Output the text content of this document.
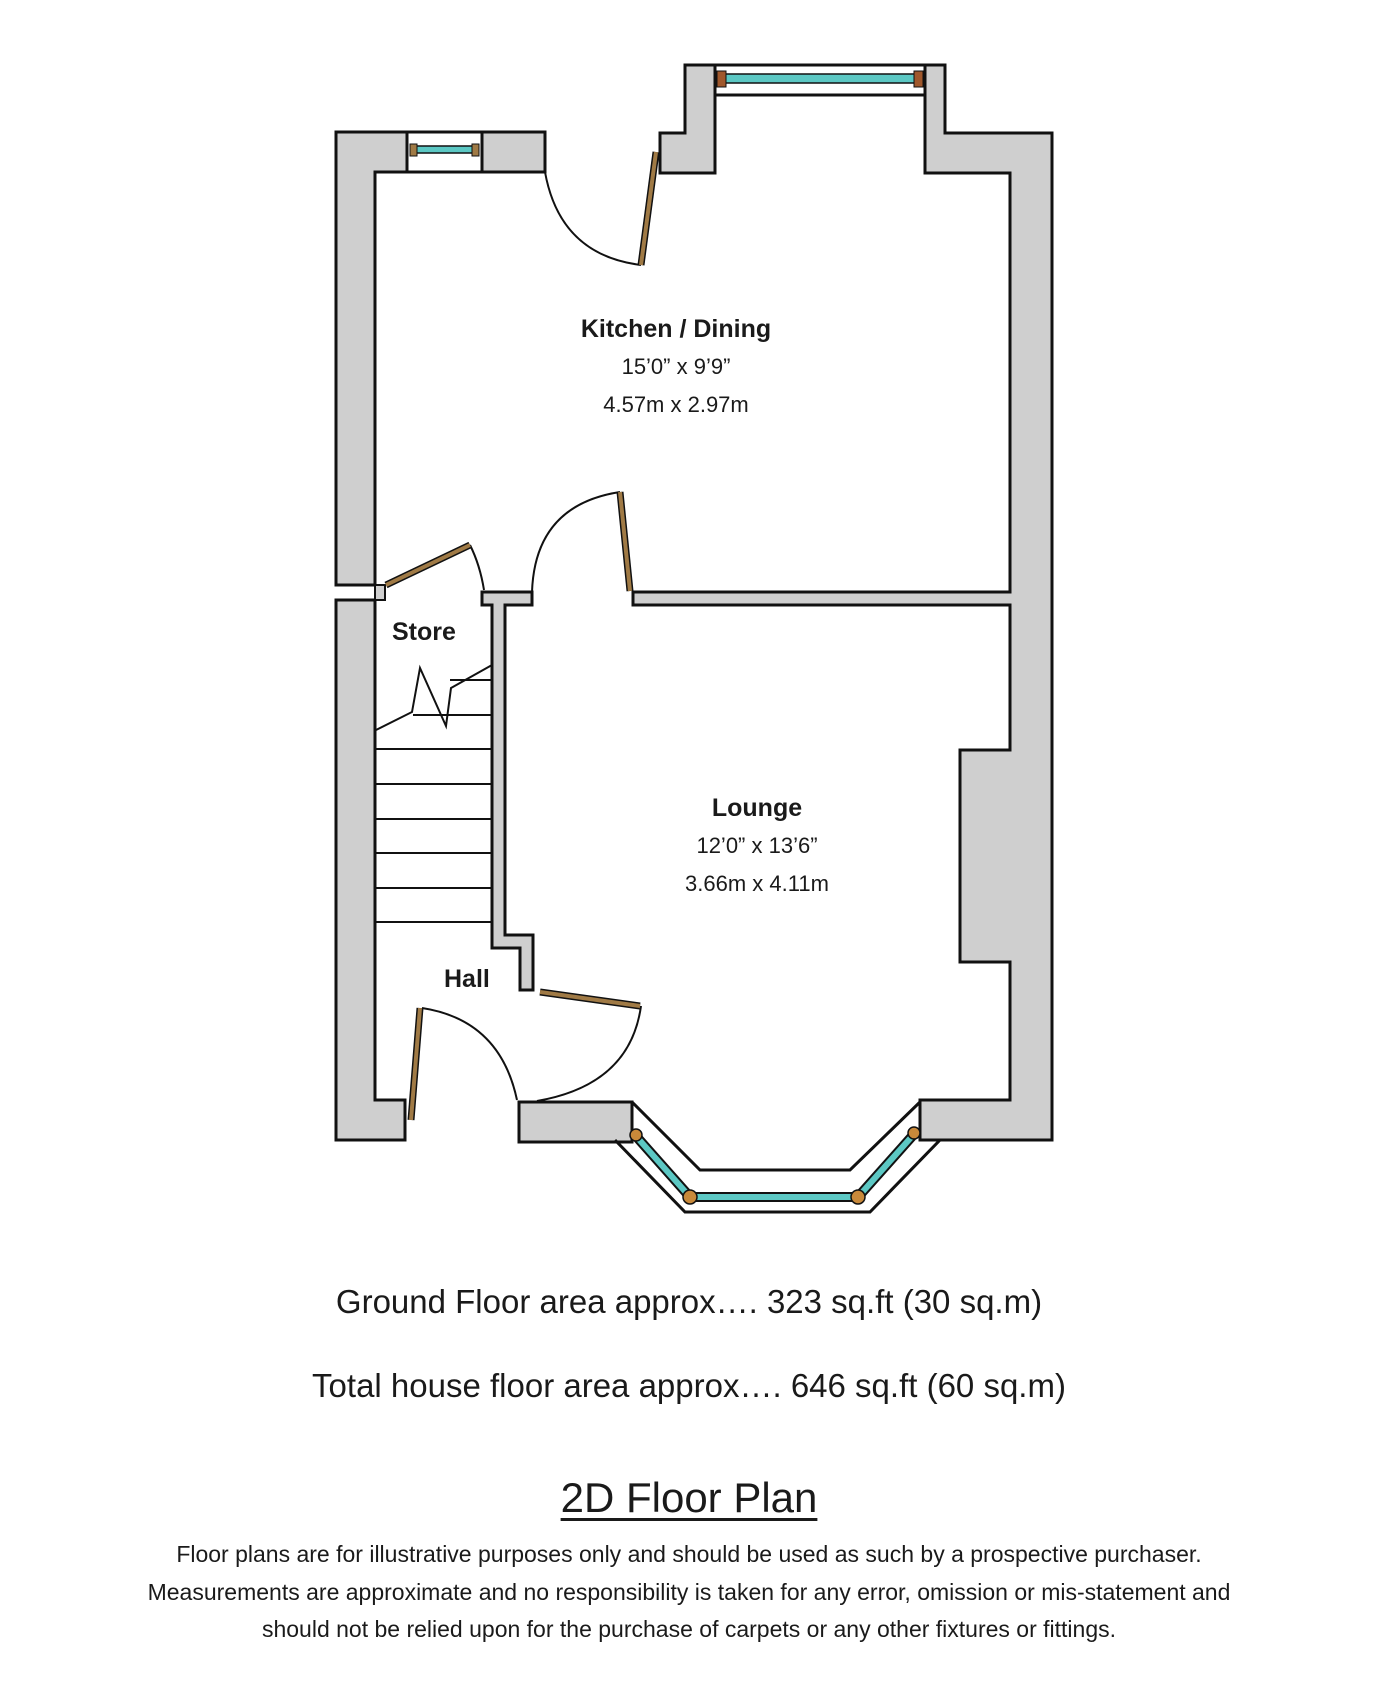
Kitchen / Dining
15’0” x 9’9”
4.57m x 2.97m
Lounge
12’0” x 13’6”
3.66m x 4.11m
Store
Hall
Ground Floor area approx…. 323 sq.ft (30 sq.m)
Total house floor area approx…. 646 sq.ft (60 sq.m)
2D Floor Plan
Floor plans are for illustrative purposes only and should be used as such by a prospective purchaser.
Measurements are approximate and no responsibility is taken for any error, omission or mis-statement and
should not be relied upon for the purchase of carpets or any other fixtures or fittings.
